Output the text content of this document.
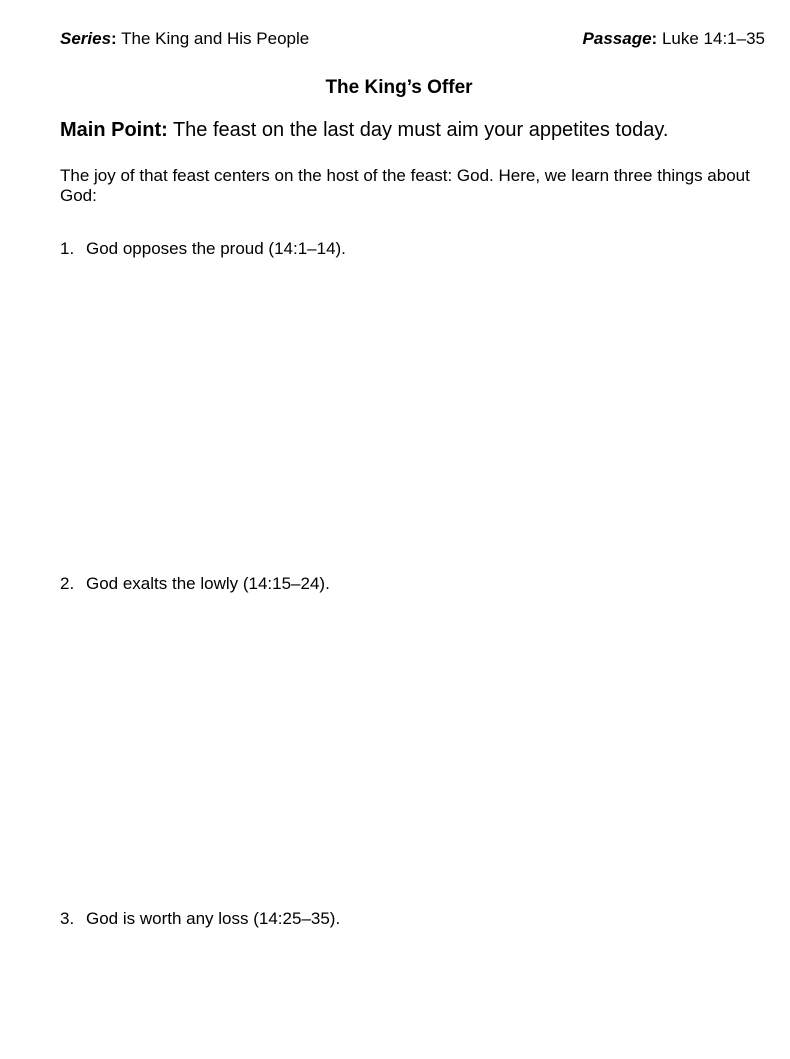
Series: The King and His People	Passage: Luke 14:1–35
The King’s Offer
Main Point: The feast on the last day must aim your appetites today.
The joy of that feast centers on the host of the feast: God. Here, we learn three things about God:
1. God opposes the proud (14:1–14).
2. God exalts the lowly (14:15–24).
3. God is worth any loss (14:25–35).
